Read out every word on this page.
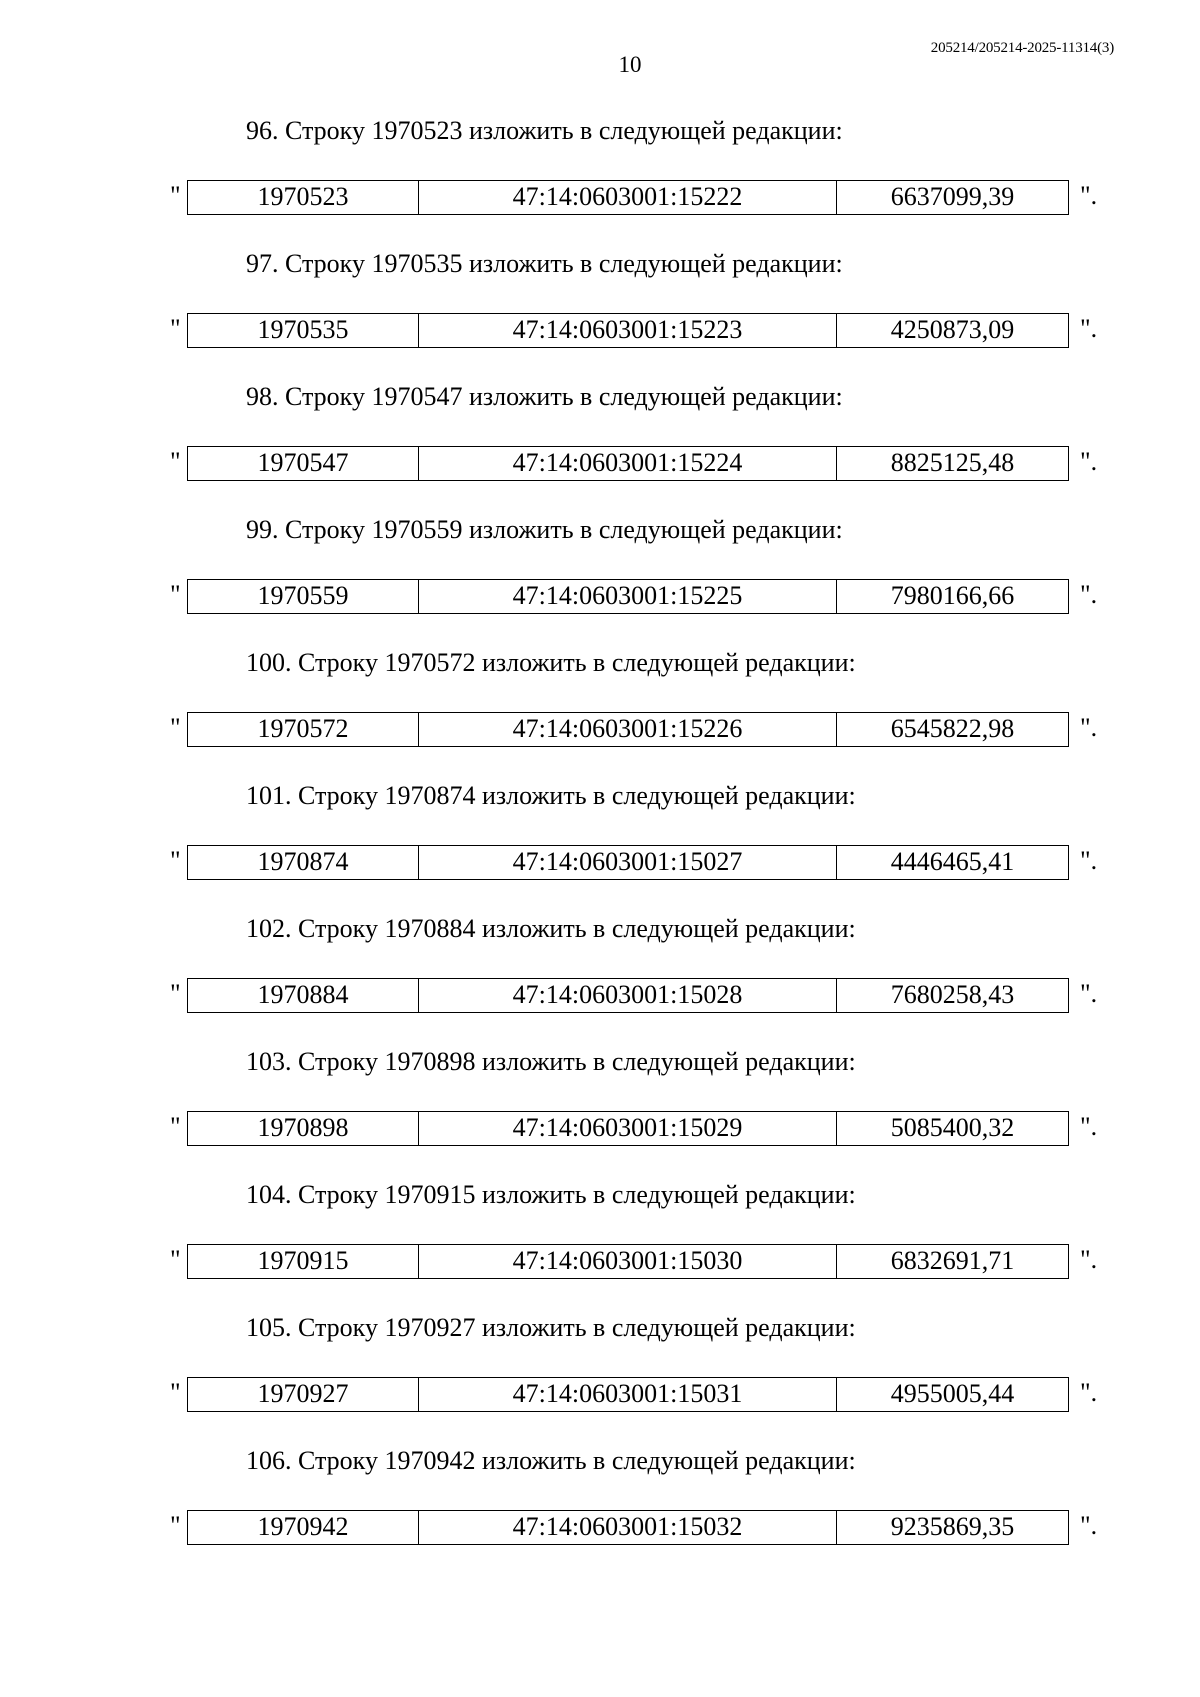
205214/205214-2025-11314(3)
10
96. Строку 1970523 изложить в следующей редакции:
"	1970523	47:14:0603001:15222	6637099,39	".
97. Строку 1970535 изложить в следующей редакции:
"	1970535	47:14:0603001:15223	4250873,09	".
98. Строку 1970547 изложить в следующей редакции:
"	1970547	47:14:0603001:15224	8825125,48	".
99. Строку 1970559 изложить в следующей редакции:
"	1970559	47:14:0603001:15225	7980166,66	".
100. Строку 1970572 изложить в следующей редакции:
"	1970572	47:14:0603001:15226	6545822,98	".
101. Строку 1970874 изложить в следующей редакции:
"	1970874	47:14:0603001:15027	4446465,41	".
102. Строку 1970884 изложить в следующей редакции:
"	1970884	47:14:0603001:15028	7680258,43	".
103. Строку 1970898 изложить в следующей редакции:
"	1970898	47:14:0603001:15029	5085400,32	".
104. Строку 1970915 изложить в следующей редакции:
"	1970915	47:14:0603001:15030	6832691,71	".
105. Строку 1970927 изложить в следующей редакции:
"	1970927	47:14:0603001:15031	4955005,44	".
106. Строку 1970942 изложить в следующей редакции:
"	1970942	47:14:0603001:15032	9235869,35	".
